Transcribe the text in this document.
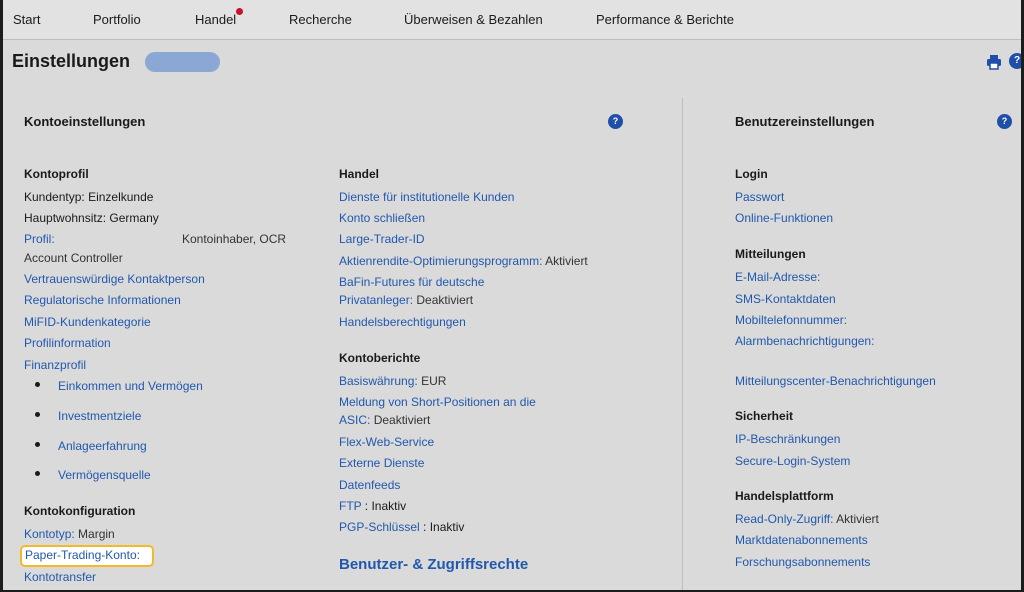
Start	Portfolio	Handel	Recherche	Überweisen & Bezahlen	Performance & Berichte
Einstellungen	?
Kontoeinstellungen	?
Kontoprofil
Kundentyp: Einzelkunde
Hauptwohnsitz: Germany
Profil:	Kontoinhaber, OCR
Account Controller
Vertrauenswürdige Kontaktperson
Regulatorische Informationen
MiFID-Kundenkategorie
Profilinformation
Finanzprofil
Einkommen und Vermögen
Investmentziele
Anlageerfahrung
Vermögensquelle
Kontokonfiguration
Kontotyp: Margin
Paper-Trading-Konto:
Kontotransfer
Handel
Dienste für institutionelle Kunden
Konto schließen
Large-Trader-ID
Aktienrendite-Optimierungsprogramm: Aktiviert
BaFin-Futures für deutsche
Privatanleger: Deaktiviert
Handelsberechtigungen
Kontoberichte
Basiswährung: EUR
Meldung von Short-Positionen an die
ASIC: Deaktiviert
Flex-Web-Service
Externe Dienste
Datenfeeds
FTP : Inaktiv
PGP-Schlüssel : Inaktiv
Benutzer- & Zugriffsrechte
Benutzereinstellungen	?
Login
Passwort
Online-Funktionen
Mitteilungen
E-Mail-Adresse:
SMS-Kontaktdaten
Mobiltelefonnummer:
Alarmbenachrichtigungen:
Mitteilungscenter-Benachrichtigungen
Sicherheit
IP-Beschränkungen
Secure-Login-System
Handelsplattform
Read-Only-Zugriff: Aktiviert
Marktdatenabonnements
Forschungsabonnements
